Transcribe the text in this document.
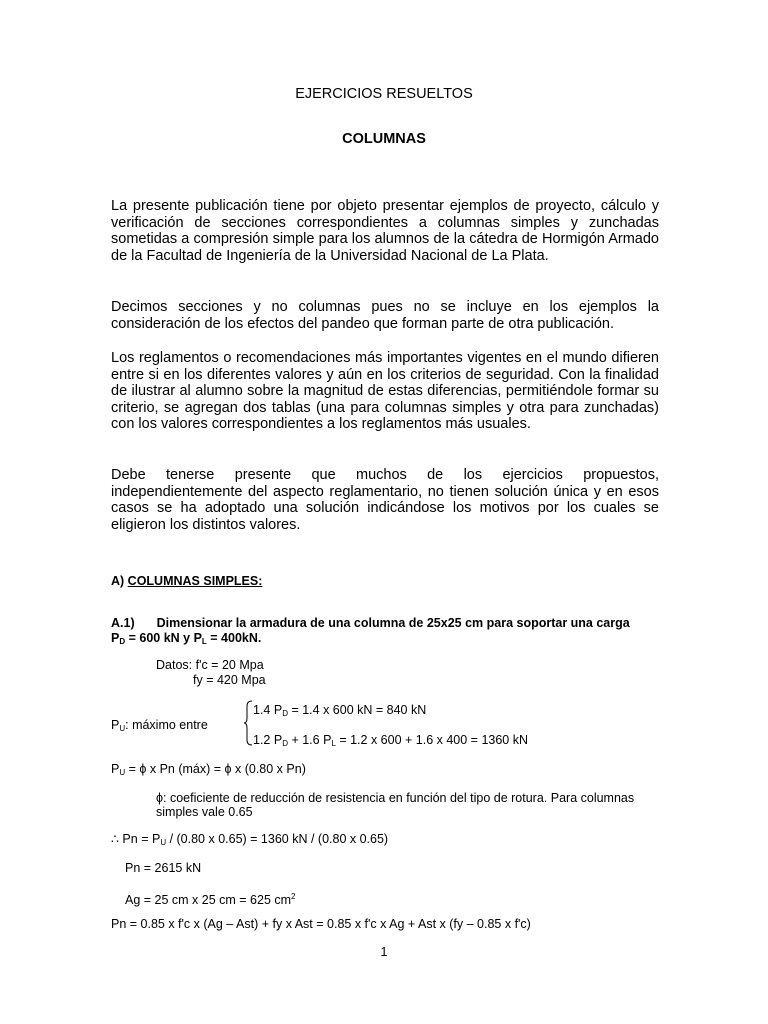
EJERCICIOS RESUELTOS
COLUMNAS

La presente publicación tiene por objeto presentar ejemplos de proyecto, cálculo y verificación de secciones correspondientes a columnas simples y zunchadas sometidas a compresión simple para los alumnos de la cátedra de Hormigón Armado de la Facultad de Ingeniería de la Universidad Nacional de La Plata.

Decimos secciones y no columnas pues no se incluye en los ejemplos la consideración de los efectos del pandeo que forman parte de otra publicación.

Los reglamentos o recomendaciones más importantes vigentes en el mundo difieren entre si en los diferentes valores y aún en los criterios de seguridad. Con la finalidad de ilustrar al alumno sobre la magnitud de estas diferencias, permitiéndole formar su criterio, se agregan dos tablas (una para columnas simples y otra para zunchadas) con los valores correspondientes a los reglamentos más usuales.

Debe tenerse presente que muchos de los ejercicios propuestos, independientemente del aspecto reglamentario, no tienen solución única y en esos casos se ha adoptado una solución indicándose los motivos por los cuales se eligieron los distintos valores.

A) COLUMNAS SIMPLES:
A.1) Dimensionar la armadura de una columna de 25x25 cm para soportar una carga
$P_D = 600$ kN y $P_L = 400kN$.
Datos: f'c = 20 Mpa
fy = 420 Mpa
$P_U$: máximo entre
1.4 $P_D = 1.4$ x 600 kN = 840 kN
1.2 $P_D + 1.6$ $P_L = 1.2$ x 600 + 1.6 x 400 = 1360 kN
$P_U = \phi$ x Pn (máx) = ϕ x (0.80 x Pn)
ϕ: coeficiente de reducción de resistencia en función del tipo de rotura. Para columnas
simples vale 0.65
∴ $Pn = P_U / (0.80$ x 0.65) = 1360 kN / (0.80 x 0.65)
Pn = 2615 kN
Ag = 25 cm x 25 cm = 625 $cm^2$
Pn = 0.85 x f'c x (Ag – Ast) + fy x Ast = 0.85 x f'c x Ag + Ast x (fy – 0.85 x f'c)
1
